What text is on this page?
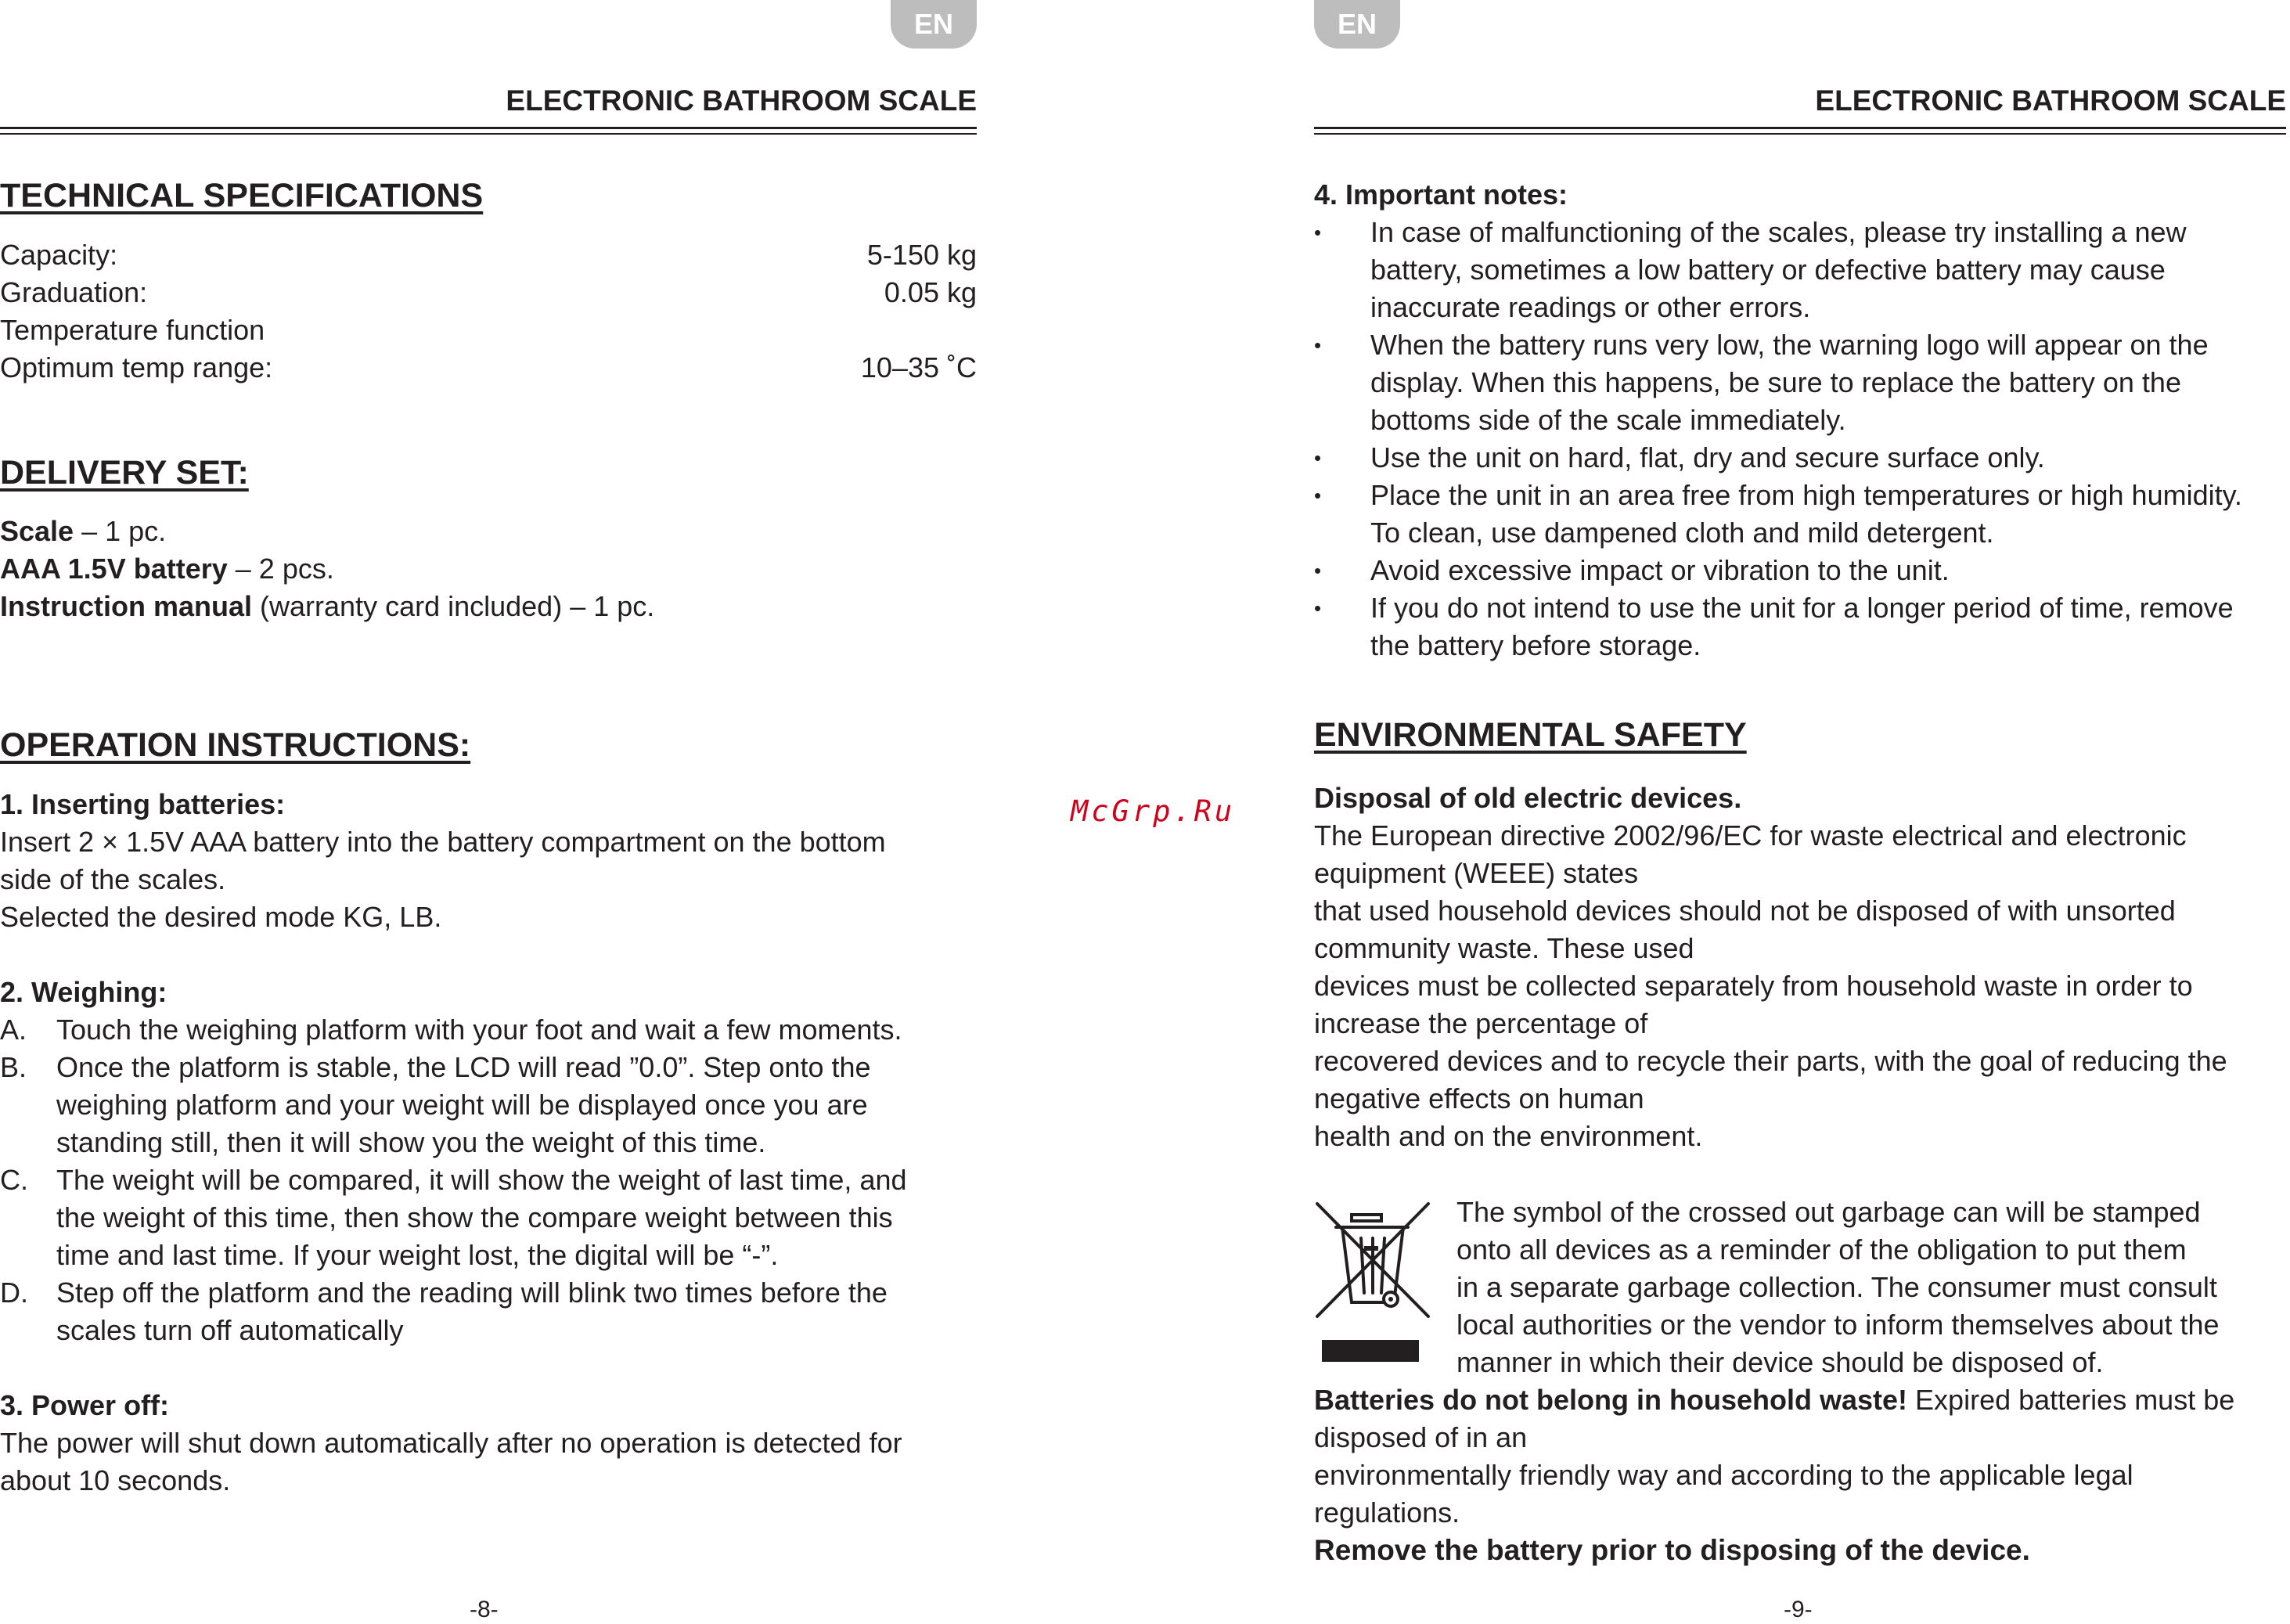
EN
ELECTRONIC BATHROOM SCALE
TECHNICAL SPECIFICATIONS
Capacity:	5-150 kg
Graduation:	0.05 kg
Temperature function
Optimum temp range:	10–35 ˚C
DELIVERY SET:
Scale – 1 pc.
AAA 1.5V battery – 2 pcs.
Instruction manual (warranty card included) – 1 pc.
OPERATION INSTRUCTIONS:
1. Inserting batteries:
Insert 2 × 1.5V AAA battery into the battery compartment on the bottom
side of the scales.
Selected the desired mode KG, LB.
2. Weighing:
A.	Touch the weighing platform with your foot and wait a few moments.
B.	Once the platform is stable, the LCD will read ”0.0”. Step onto the
weighing platform and your weight will be displayed once you are
standing still, then it will show you the weight of this time.
C.	The weight will be compared, it will show the weight of last time, and
the weight of this time, then show the compare weight between this
time and last time. If your weight lost, the digital will be “-”.
D.	Step off the platform and the reading will blink two times before the
scales turn off automatically
3. Power off:
The power will shut down automatically after no operation is detected for
about 10 seconds.
-8-
McGrp.Ru
EN
ELECTRONIC BATHROOM SCALE
4. Important notes:
• In case of malfunctioning of the scales, please try installing a new
battery, sometimes a low battery or defective battery may cause
inaccurate readings or other errors.
• When the battery runs very low, the warning logo will appear on the
display. When this happens, be sure to replace the battery on the
bottoms side of the scale immediately.
• Use the unit on hard, flat, dry and secure surface only.
• Place the unit in an area free from high temperatures or high humidity.
To clean, use dampened cloth and mild detergent.
• Avoid excessive impact or vibration to the unit.
• If you do not intend to use the unit for a longer period of time, remove
the battery before storage.
ENVIRONMENTAL SAFETY
Disposal of old electric devices.
The European directive 2002/96/EC for waste electrical and electronic
equipment (WEEE) states
that used household devices should not be disposed of with unsorted
community waste. These used
devices must be collected separately from household waste in order to
increase the percentage of
recovered devices and to recycle their parts, with the goal of reducing the
negative effects on human
health and on the environment.
The symbol of the crossed out garbage can will be stamped
onto all devices as a reminder of the obligation to put them
in a separate garbage collection. The consumer must consult
local authorities or the vendor to inform themselves about the
manner in which their device should be disposed of.
Batteries do not belong in household waste! Expired batteries must be
disposed of in an
environmentally friendly way and according to the applicable legal
regulations.
Remove the battery prior to disposing of the device.
-9-
